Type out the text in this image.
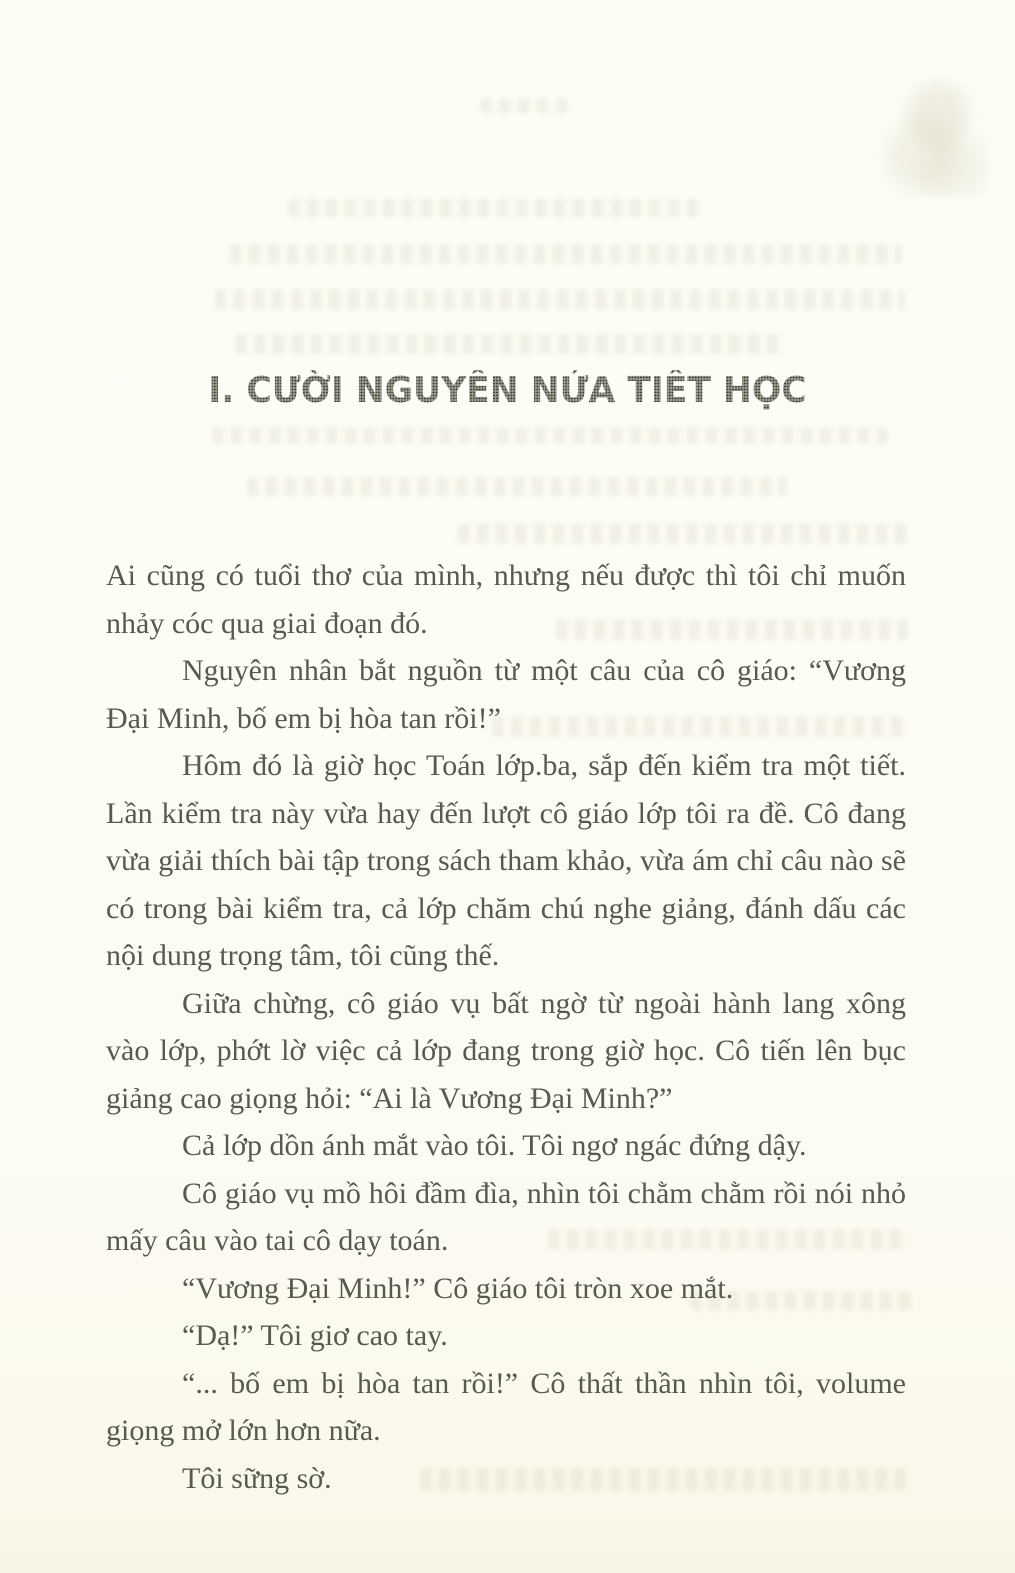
I. CƯỜI NGUYÊN NỬA TIẾT HỌC

Ai cũng có tuổi thơ của mình, nhưng nếu được thì tôi chỉ muốn nhảy cóc qua giai đoạn đó.

Nguyên nhân bắt nguồn từ một câu của cô giáo: “Vương Đại Minh, bố em bị hòa tan rồi!”

Hôm đó là giờ học Toán lớp.ba, sắp đến kiểm tra một tiết. Lần kiểm tra này vừa hay đến lượt cô giáo lớp tôi ra đề. Cô đang vừa giải thích bài tập trong sách tham khảo, vừa ám chỉ câu nào sẽ có trong bài kiểm tra, cả lớp chăm chú nghe giảng, đánh dấu các nội dung trọng tâm, tôi cũng thế.

Giữa chừng, cô giáo vụ bất ngờ từ ngoài hành lang xông vào lớp, phớt lờ việc cả lớp đang trong giờ học. Cô tiến lên bục giảng cao giọng hỏi: “Ai là Vương Đại Minh?”

Cả lớp dồn ánh mắt vào tôi. Tôi ngơ ngác đứng dậy.

Cô giáo vụ mồ hôi đầm đìa, nhìn tôi chằm chằm rồi nói nhỏ mấy câu vào tai cô dạy toán.

“Vương Đại Minh!” Cô giáo tôi tròn xoe mắt.

“Dạ!” Tôi giơ cao tay.

“... bố em bị hòa tan rồi!” Cô thất thần nhìn tôi, volume giọng mở lớn hơn nữa.

Tôi sững sờ.
